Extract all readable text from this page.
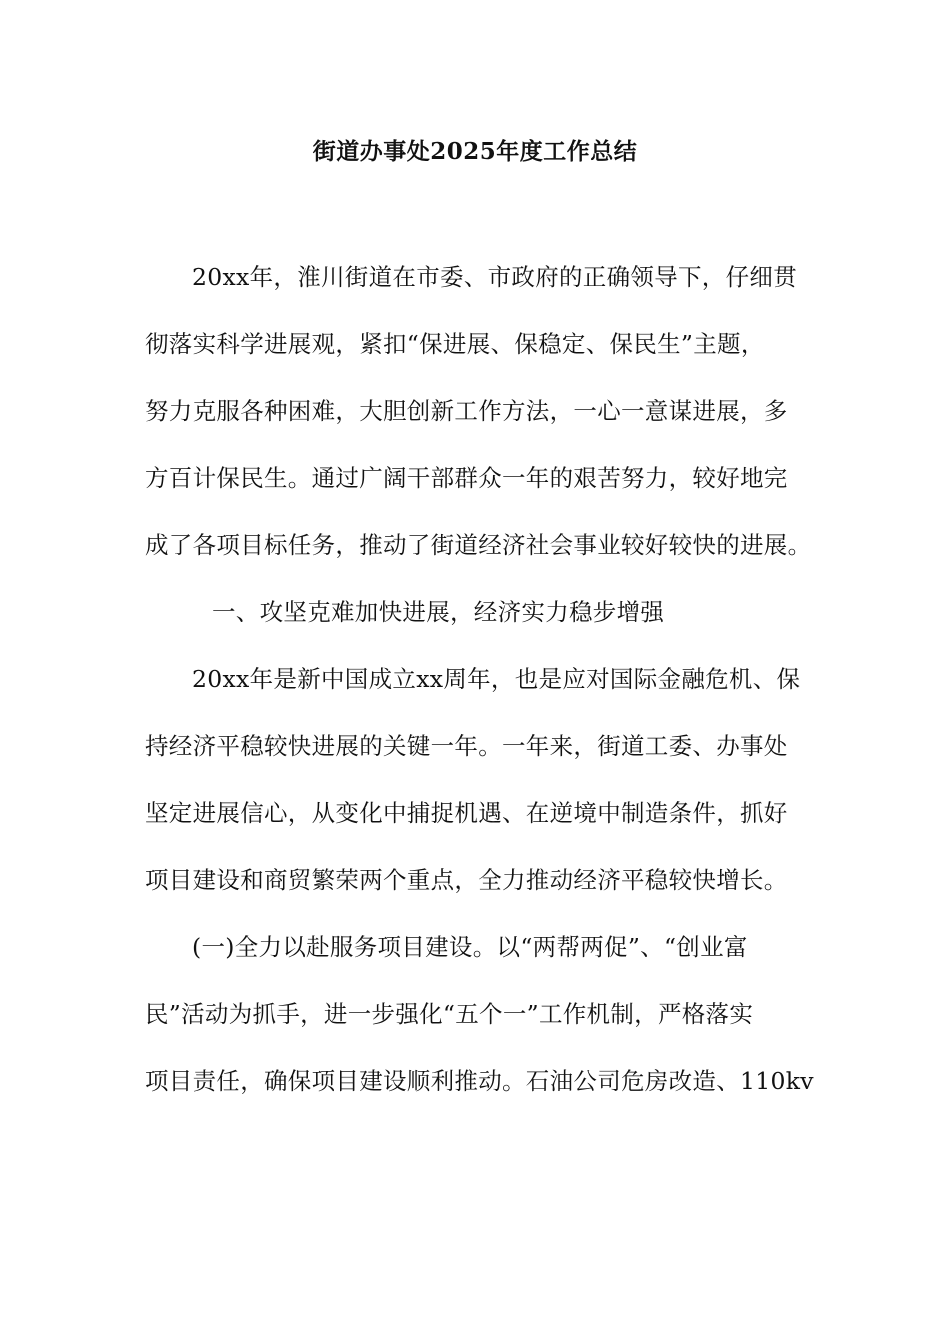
街道办事处2025年度工作总结
20xx年，淮川街道在市委、市政府的正确领导下，仔细贯
彻落实科学进展观，紧扣“保进展、保稳定、保民生”主题，
努力克服各种困难，大胆创新工作方法，一心一意谋进展，多
方百计保民生。通过广阔干部群众一年的艰苦努力，较好地完
成了各项目标任务，推动了街道经济社会事业较好较快的进展。
一、攻坚克难加快进展，经济实力稳步增强
20xx年是新中国成立xx周年，也是应对国际金融危机、保
持经济平稳较快进展的关键一年。一年来，街道工委、办事处
坚定进展信心，从变化中捕捉机遇、在逆境中制造条件，抓好
项目建设和商贸繁荣两个重点，全力推动经济平稳较快增长。
(一)全力以赴服务项目建设。以“两帮两促”、“创业富
民”活动为抓手，进一步强化“五个一”工作机制，严格落实
项目责任，确保项目建设顺利推动。石油公司危房改造、110kv
